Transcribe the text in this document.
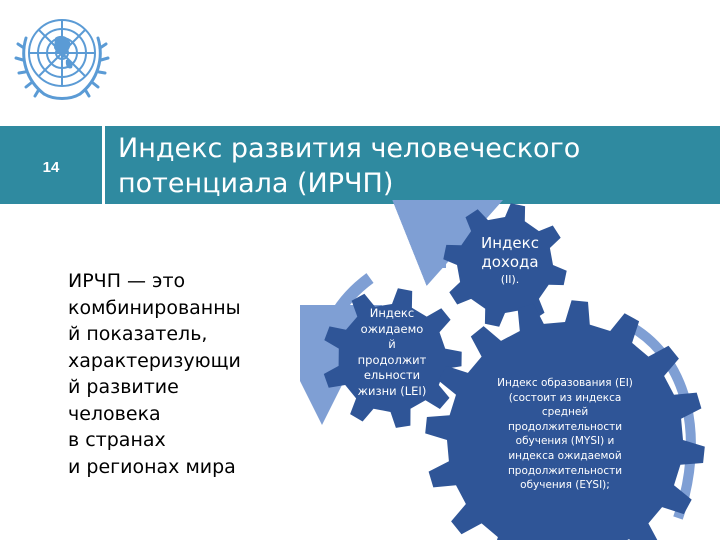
14
Индекс развития человеческого
потенциала (ИРЧП)
ИРЧП — это
комбинированны
й показатель,
характеризующи
й развитие
человека
в странах
и регионах мира
Индекс
дохода
(II).
Индекс
ожидаемо
й
продолжит
ельности
жизни (LEI)
Индекс образования (EI)
(состоит из индекса
средней
продолжительности
обучения (MYSI) и
индекса ожидаемой
продолжительности
обучения (EYSI);
